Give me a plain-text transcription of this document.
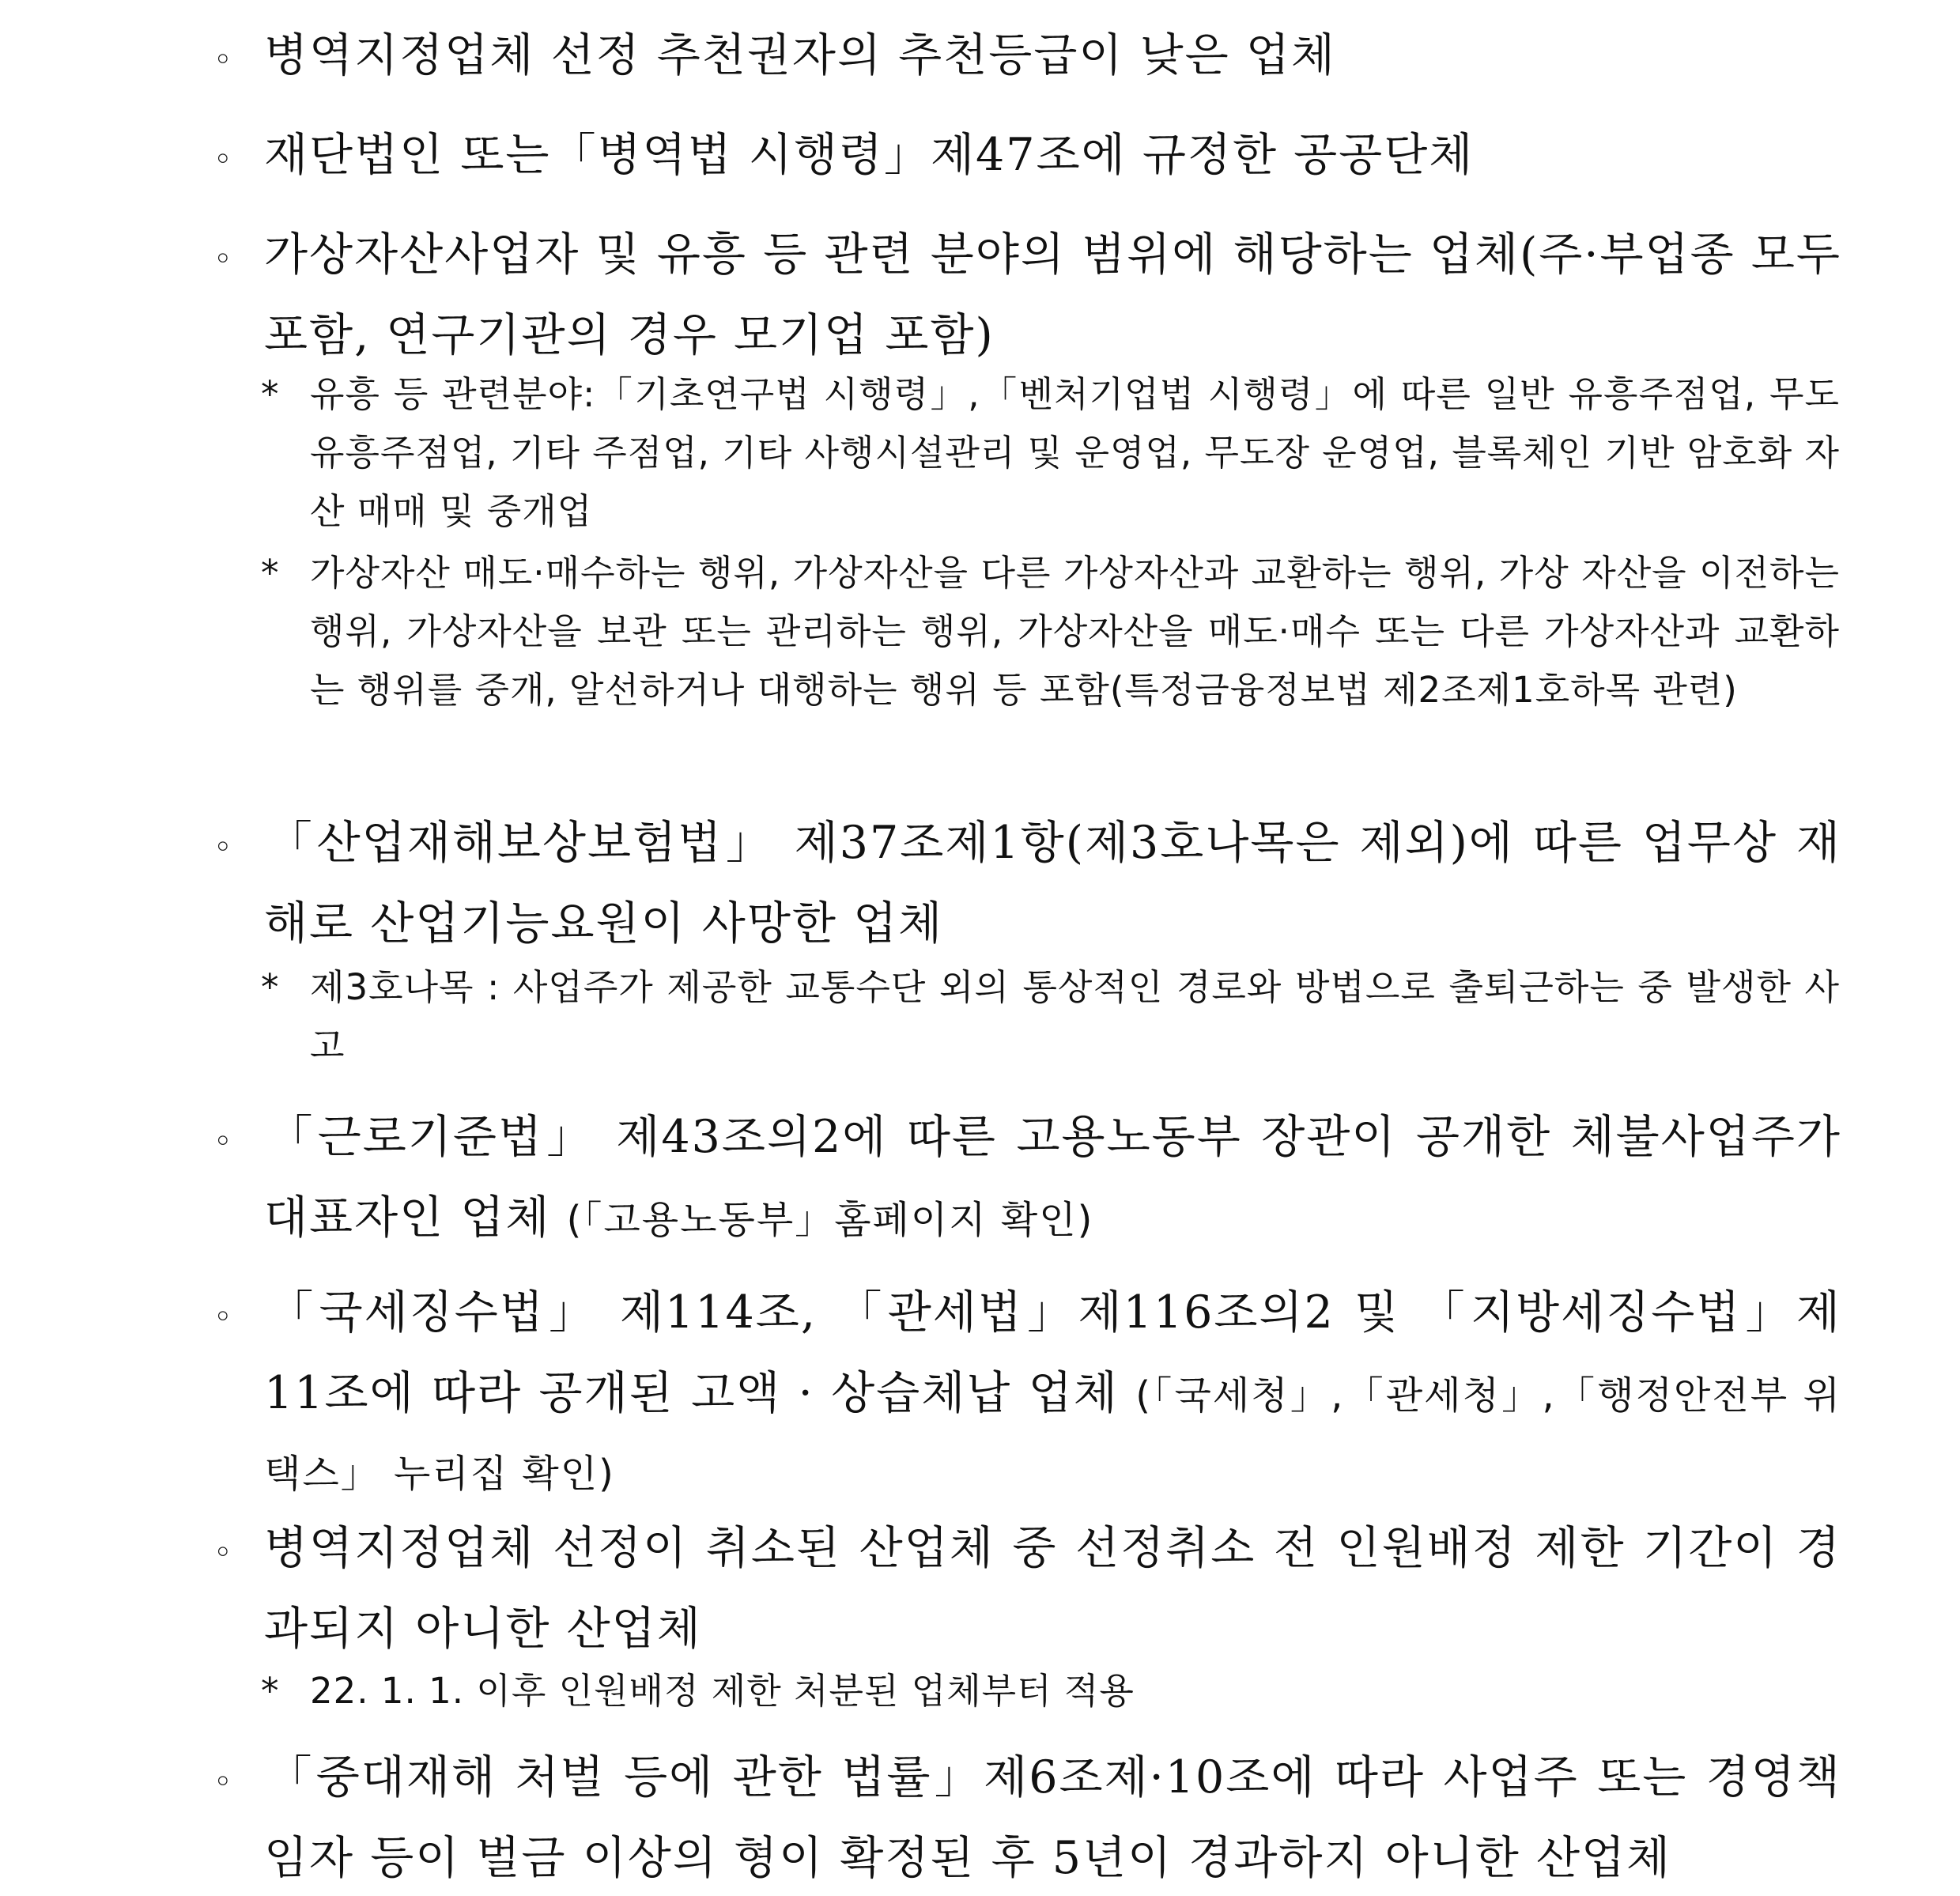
◦ 병역지정업체 선정 추천권자의 추천등급이 낮은 업체
◦ 재단법인 또는「병역법 시행령」제47조에 규정한 공공단체
◦ 가상자산사업자 및 유흥 등 관련 분야의 범위에 해당하는 업체(주·부업종 모두 포함, 연구기관의 경우 모기업 포함)
* 유흥 등 관련분야:「기초연구법 시행령」,「벤처기업법 시행령」에 따른 일반 유흥주점업, 무도 유흥주점업, 기타 주점업, 기타 사행시설관리 및 운영업, 무도장 운영업, 블록체인 기반 암호화 자산 매매 및 중개업
* 가상자산 매도·매수하는 행위, 가상자산을 다른 가상자산과 교환하는 행위, 가상 자산을 이전하는 행위, 가상자산을 보관 또는 관리하는 행위, 가상자산을 매도·매수 또는 다른 가상자산과 교환하는 행위를 중개, 알선하거나 대행하는 행위 등 포함(특정금융정보법 제2조제1호하목 관련)
◦ 「산업재해보상보험법」 제37조제1항(제3호나목은 제외)에 따른 업무상 재해로 산업기능요원이 사망한 업체
* 제3호나목 : 사업주가 제공한 교통수단 외의 통상적인 경로와 방법으로 출퇴근하는 중 발생한 사고
◦ 「근로기준법」 제43조의2에 따른 고용노동부 장관이 공개한 체불사업주가 대표자인 업체 (「고용노동부」홈페이지 확인)
◦ 「국세징수법」 제114조, 「관세법」제116조의2 및 「지방세징수법」제11조에 따라 공개된 고액 · 상습체납 업체 (「국세청」,「관세청」,「행정안전부 위택스」 누리집 확인)
◦ 병역지정업체 선정이 취소된 산업체 중 선정취소 전 인원배정 제한 기간이 경과되지 아니한 산업체
* 22. 1. 1. 이후 인원배정 제한 처분된 업체부터 적용
◦ 「중대재해 처벌 등에 관한 법률」제6조제·10조에 따라 사업주 또는 경영책임자 등이 벌금 이상의 형이 확정된 후 5년이 경과하지 아니한 산업체
